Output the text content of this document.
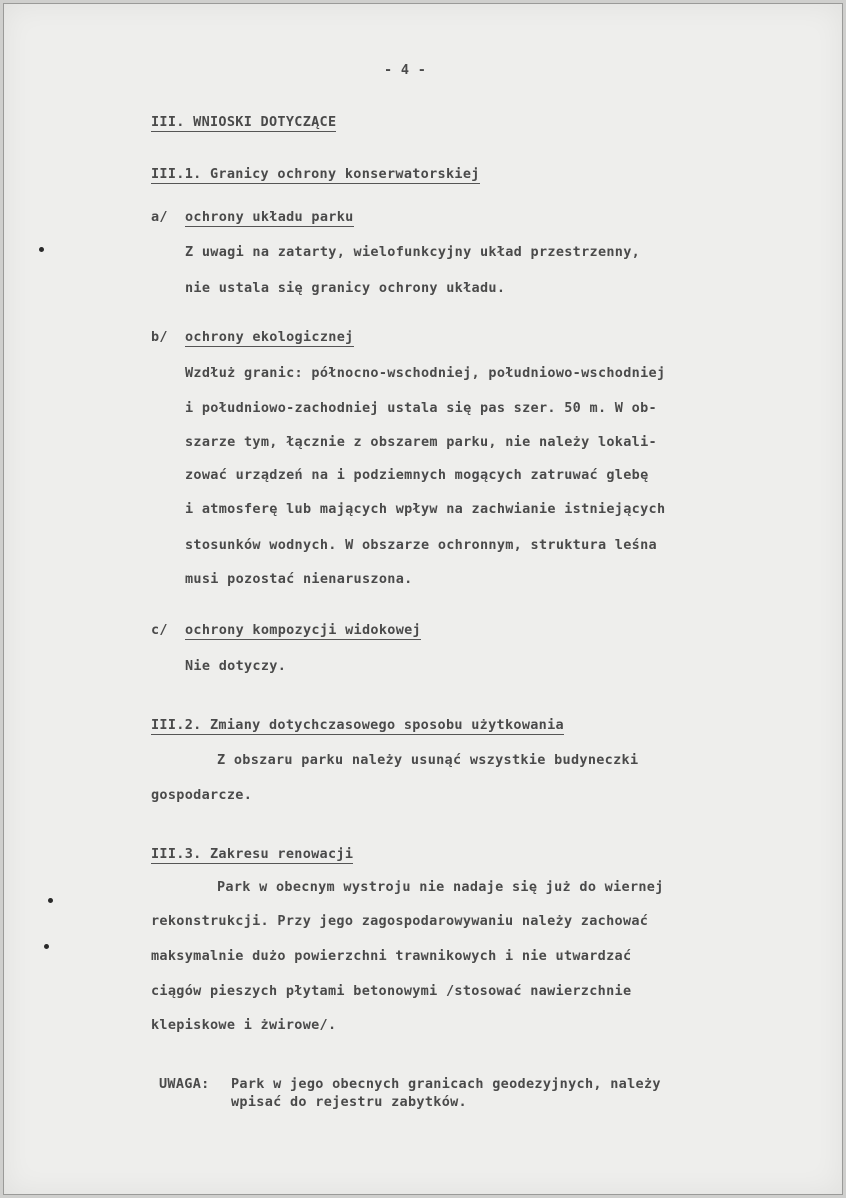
- 4 -
III. WNIOSKI DOTYCZĄCE
III.1. Granicy ochrony konserwatorskiej
a/ ochrony układu parku
Z uwagi na zatarty, wielofunkcyjny układ przestrzenny,
nie ustala się granicy ochrony układu.
b/ ochrony ekologicznej
Wzdłuż granic: północno-wschodniej, południowo-wschodniej
i południowo-zachodniej ustala się pas szer. 50 m. W ob-
szarze tym, łącznie z obszarem parku, nie należy lokali-
zować urządzeń na i podziemnych mogących zatruwać glebę
i atmosferę lub mających wpływ na zachwianie istniejących
stosunków wodnych. W obszarze ochronnym, struktura leśna
musi pozostać nienaruszona.
c/ ochrony kompozycji widokowej
Nie dotyczy.
III.2. Zmiany dotychczasowego sposobu użytkowania
Z obszaru parku należy usunąć wszystkie budyneczki
gospodarcze.
III.3. Zakresu renowacji
Park w obecnym wystroju nie nadaje się już do wiernej
rekonstrukcji. Przy jego zagospodarowywaniu należy zachować
maksymalnie dużo powierzchni trawnikowych i nie utwardzać
ciągów pieszych płytami betonowymi /stosować nawierzchnie
klepiskowe i żwirowe/.
UWAGA: Park w jego obecnych granicach geodezyjnych, należy
wpisać do rejestru zabytków.
